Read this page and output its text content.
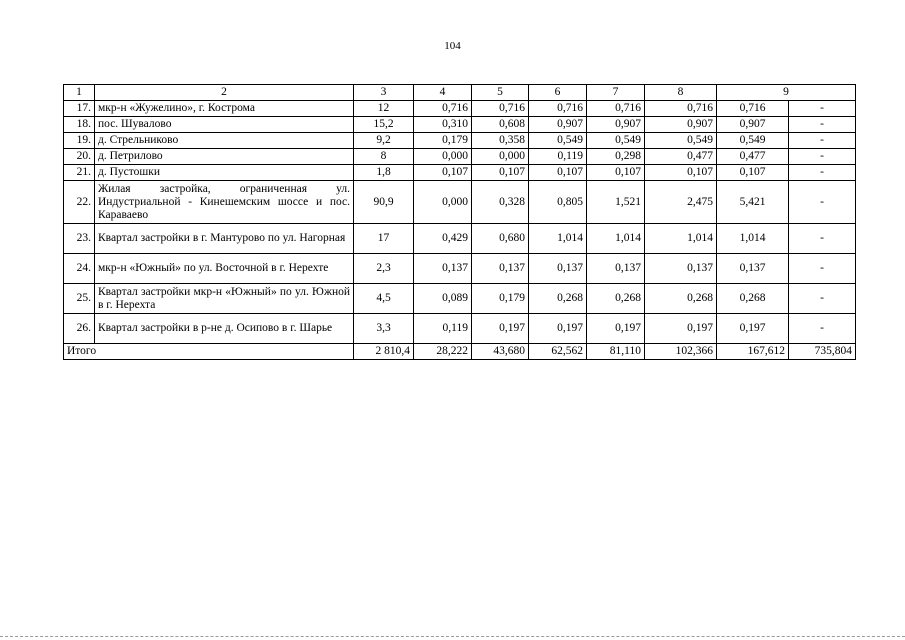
104
1	2	3	4	5	6	7	8	9	
17.	мкр-н «Жужелино», г. Кострома	12	0,716	0,716	0,716	0,716	0,716	0,716	-
18.	пос. Шувалово	15,2	0,310	0,608	0,907	0,907	0,907	0,907	-
19.	д. Стрельниково	9,2	0,179	0,358	0,549	0,549	0,549	0,549	-
20.	д. Петрилово	8	0,000	0,000	0,119	0,298	0,477	0,477	-
21.	д. Пустошки	1,8	0,107	0,107	0,107	0,107	0,107	0,107	-
22.	Жилая застройка, ограниченная ул. Индустриальной - Кинешемским шоссе и пос. Караваево	90,9	0,000	0,328	0,805	1,521	2,475	5,421	-
23.	Квартал застройки в г. Мантурово по ул. Нагорная	17	0,429	0,680	1,014	1,014	1,014	1,014	-
24.	мкр-н «Южный» по ул. Восточной в г. Нерехте	2,3	0,137	0,137	0,137	0,137	0,137	0,137	-
25.	Квартал застройки мкр-н «Южный» по ул. Южной в г. Нерехта	4,5	0,089	0,179	0,268	0,268	0,268	0,268	-
26.	Квартал застройки в р-не д. Осипово в г. Шарье	3,3	0,119	0,197	0,197	0,197	0,197	0,197	-
Итого		2 810,4	28,222	43,680	62,562	81,110	102,366	167,612	735,804
